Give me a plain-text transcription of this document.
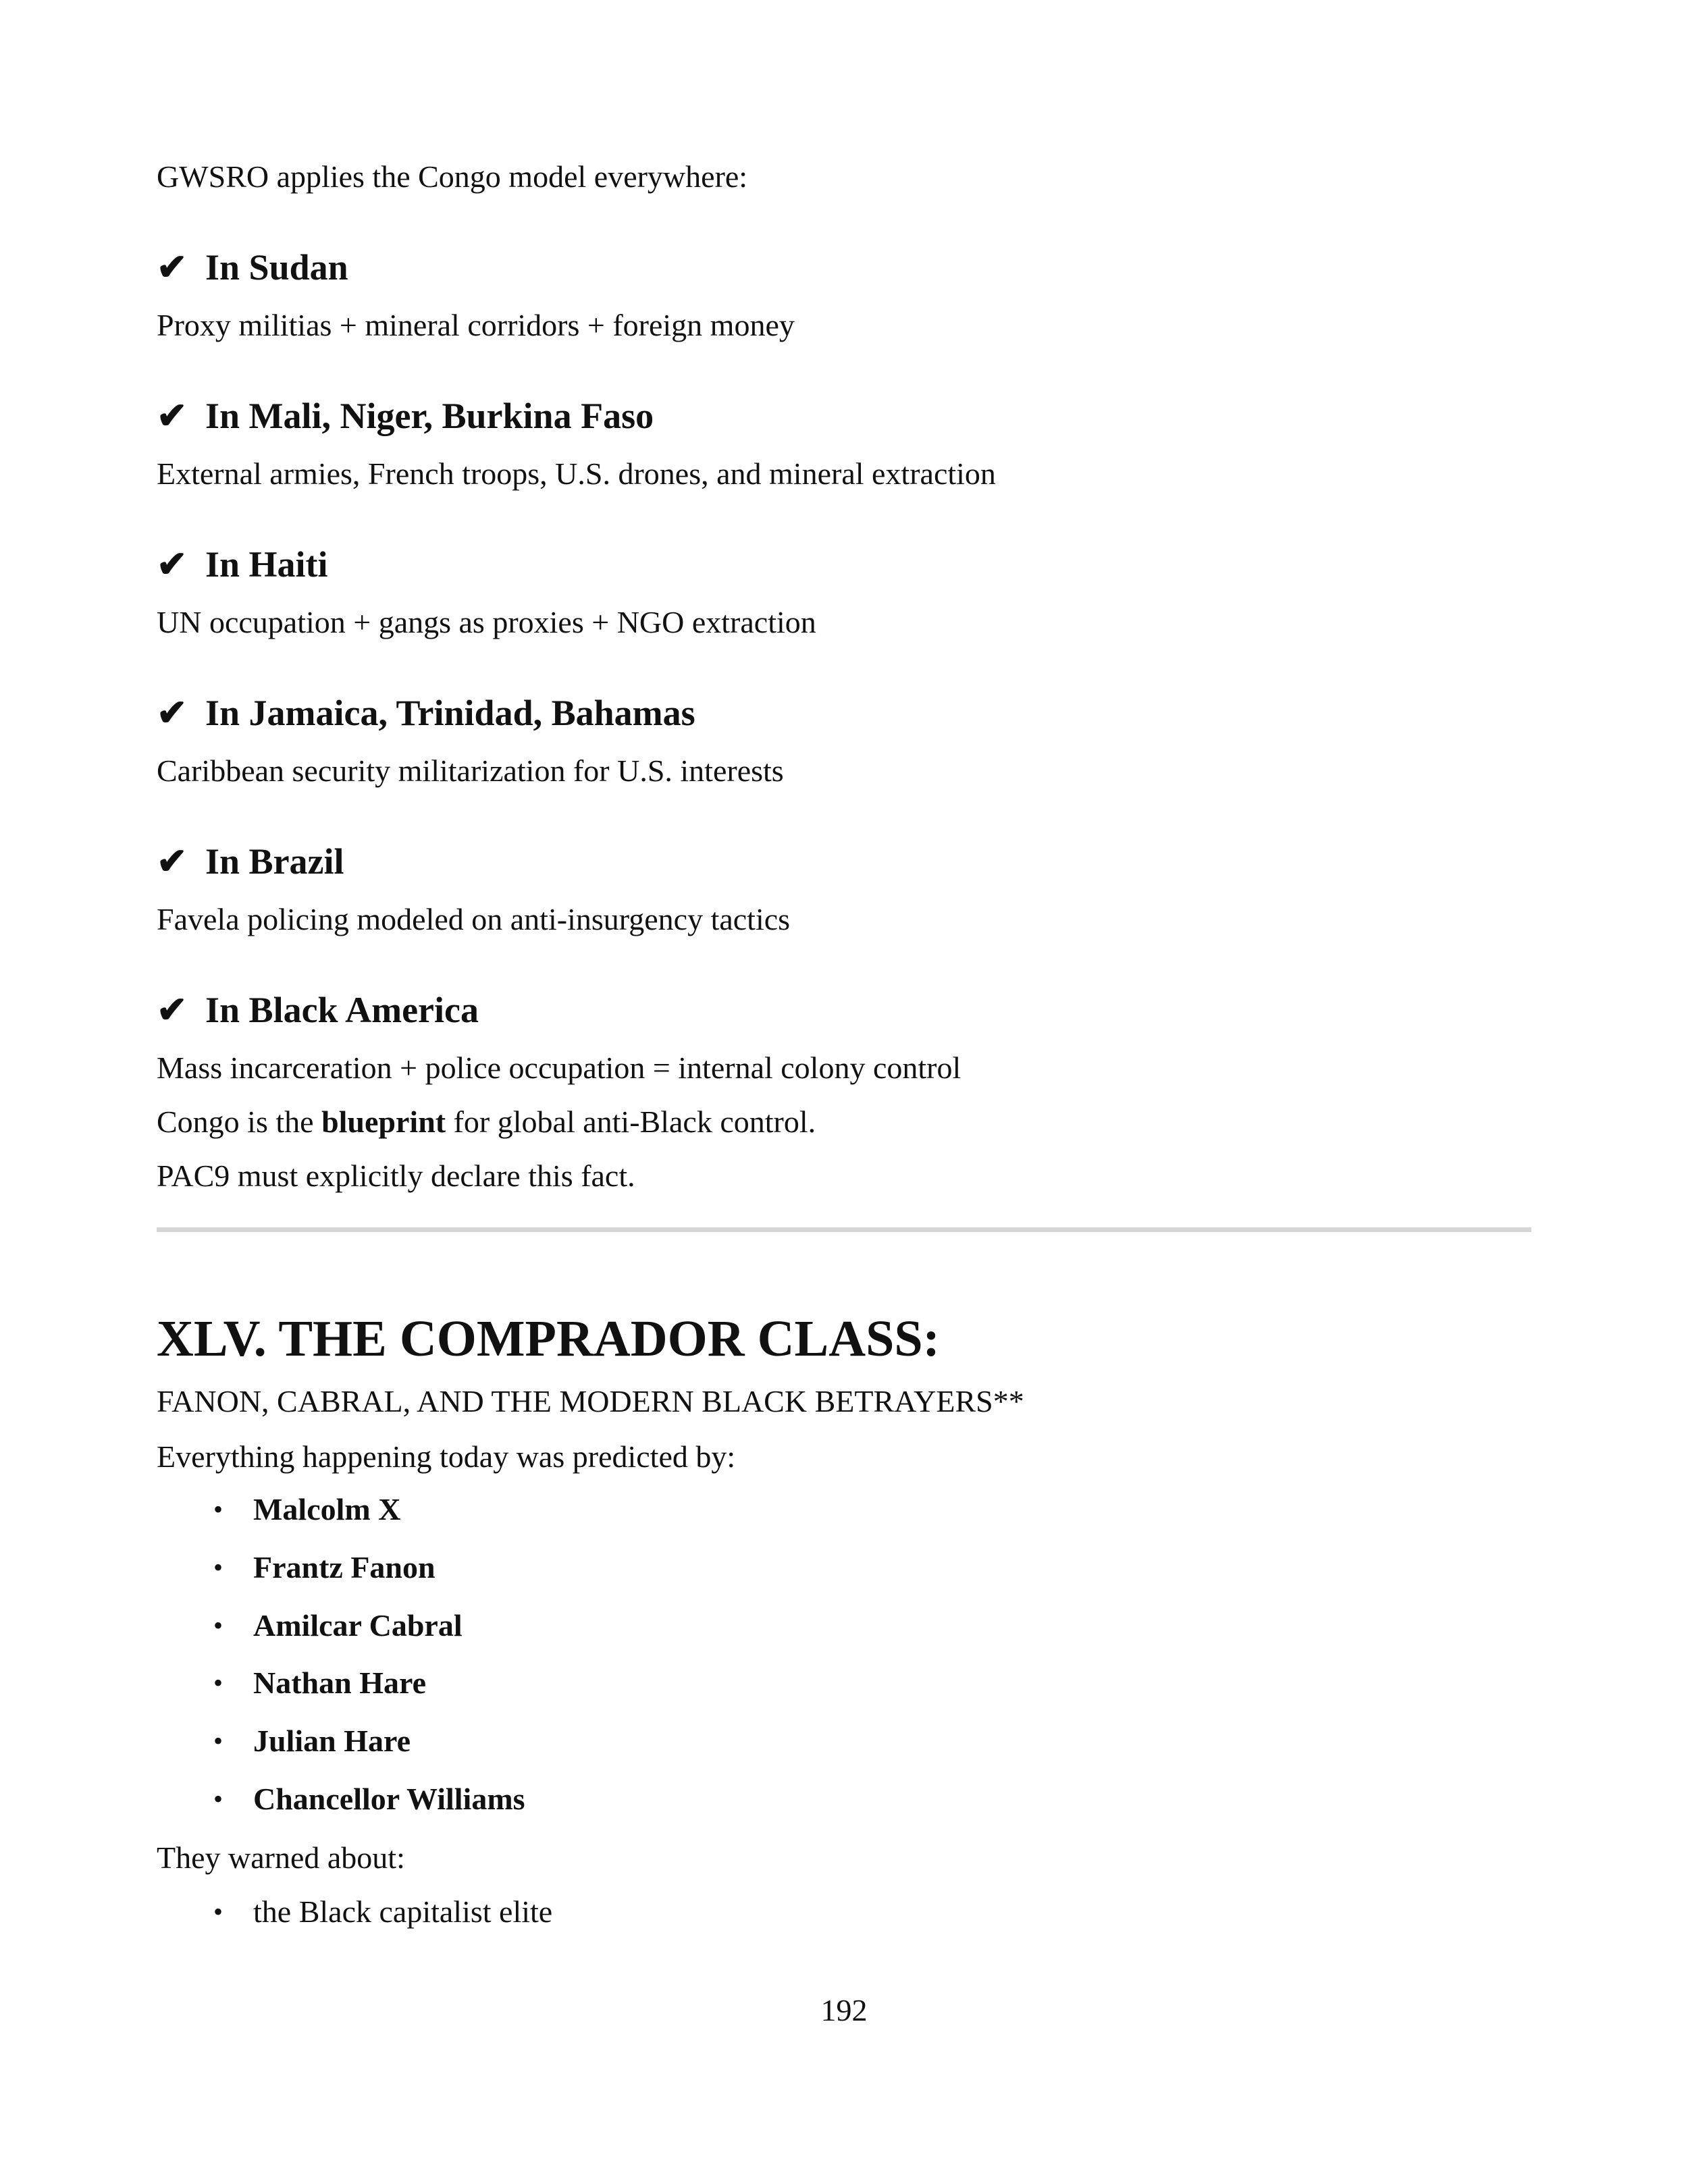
GWSRO applies the Congo model everywhere:

✔ In Sudan

Proxy militias + mineral corridors + foreign money

✔ In Mali, Niger, Burkina Faso

External armies, French troops, U.S. drones, and mineral extraction

✔ In Haiti

UN occupation + gangs as proxies + NGO extraction

✔ In Jamaica, Trinidad, Bahamas

Caribbean security militarization for U.S. interests

✔ In Brazil

Favela policing modeled on anti-insurgency tactics

✔ In Black America

Mass incarceration + police occupation = internal colony control

Congo is the blueprint for global anti-Black control.

PAC9 must explicitly declare this fact.

XLV. THE COMPRADOR CLASS:

FANON, CABRAL, AND THE MODERN BLACK BETRAYERS**

Everything happening today was predicted by:

• Malcolm X

• Frantz Fanon

• Amilcar Cabral

• Nathan Hare

• Julian Hare

• Chancellor Williams

They warned about:

• the Black capitalist elite

192
